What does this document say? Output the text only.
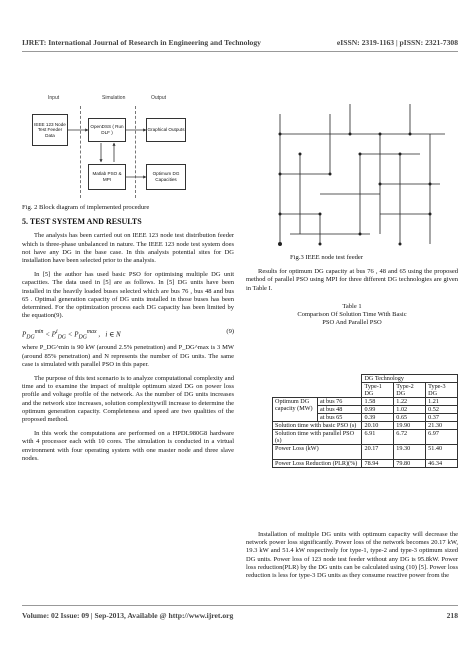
IJRET: International Journal of Research in Engineering and Technology	eISSN: 2319-1163 | pISSN: 2321-7308
Input	Simulation	Output
IEEE 123 Node Test Feeder Data
OpenDSS ( Run DLF )
Graphical Outputs
Matlab PSO & MPI
Optimum DG Capacities

Fig. 2 Block diagram of implemented procedure

5. TEST SYSTEM AND RESULTS

The analysis has been carried out on IEEE 123 node test distribution feeder which is three-phase unbalanced in nature. The IEEE 123 node test system does not have any DG in the base case. In this analysis potential sites for DG installation have been selected prior to the analysis.

In [5] the author has used basic PSO for optimising multiple DG unit capacities. The data used in [5] are as follows. In [5] DG units have been installed in the heavily loaded buses selected which are bus 76 , bus 48 and bus 65 . Optimal generation capacity of DG units installed in those buses has been determined. For the optimization process each DG capacity has been limited by the equation(9).

$P_{DG}^{min} < P^i_{DG} < P_{DG}^{max}$ ,   i ∈ N	(9)

where P_DG^min is 90 kW (around 2.5% penetration) and P_DG^max is 3 MW (around 85% penetration) and N represents the number of DG units. The same case is simulated with parallel PSO in this paper.

The purpose of this test scenario is to analyze computational complexity and time and to examine the impact of multiple optimum sized DG on power loss profile and voltage profile of the network. As the number of DG units increases and the network size increases, solution complexitywill increase to determine the optimum generation capacity. Completeness and speed are two qualities of the proposed method.

In this work the computations are performed on a HPDL980G8 hardware with 4 processor each with 10 cores. The simulation is conducted in a virtual environment with four operating system with one master node and three slave nodes.

Fig.3 IEEE node test feeder

Results for optimum DG capacity at bus 76 , 48 and 65 using the proposed method of parallel PSO using MPI for three different DG technologies are given in Table I.

Table 1

Comparison Of Solution Time With Basic

PSO And Parallel PSO

		DG Technology		
		Type-1 DG	Type-2 DG	Type-3 DG
Optimum DG capacity (MW)	at bus 76	1.58	1.22	1.21
	at bus 48	0.99	1.02	0.52
	at bus 65	0.39	0.65	0.37
Solution time with basic PSO (s)		20.10	19.90	21.30
Solution time with parallel PSO (s)		6.91	6.72	6.97
Power Loss (kW)		20.17	19.30	51.40
Power Loss Reduction (PLR)(%)		78.94	79.80	46.34

Installation of multiple DG units with optimum capacity will decrease the network power loss significantly. Power loss of the network becomes 20.17 kW, 19.3 kW and 51.4 kW respectively for type-1, type-2 and type-3 optimum sized DG units. Power loss of 123 node test feeder without any DG is 95.8kW. Power loss reduction(PLR) by the DG units can be calculated using (10) [5]. Power loss reduction is less for type-3 DG units as they consume reactive power from the

Volume: 02 Issue: 09 | Sep-2013, Available @ http://www.ijret.org	218
